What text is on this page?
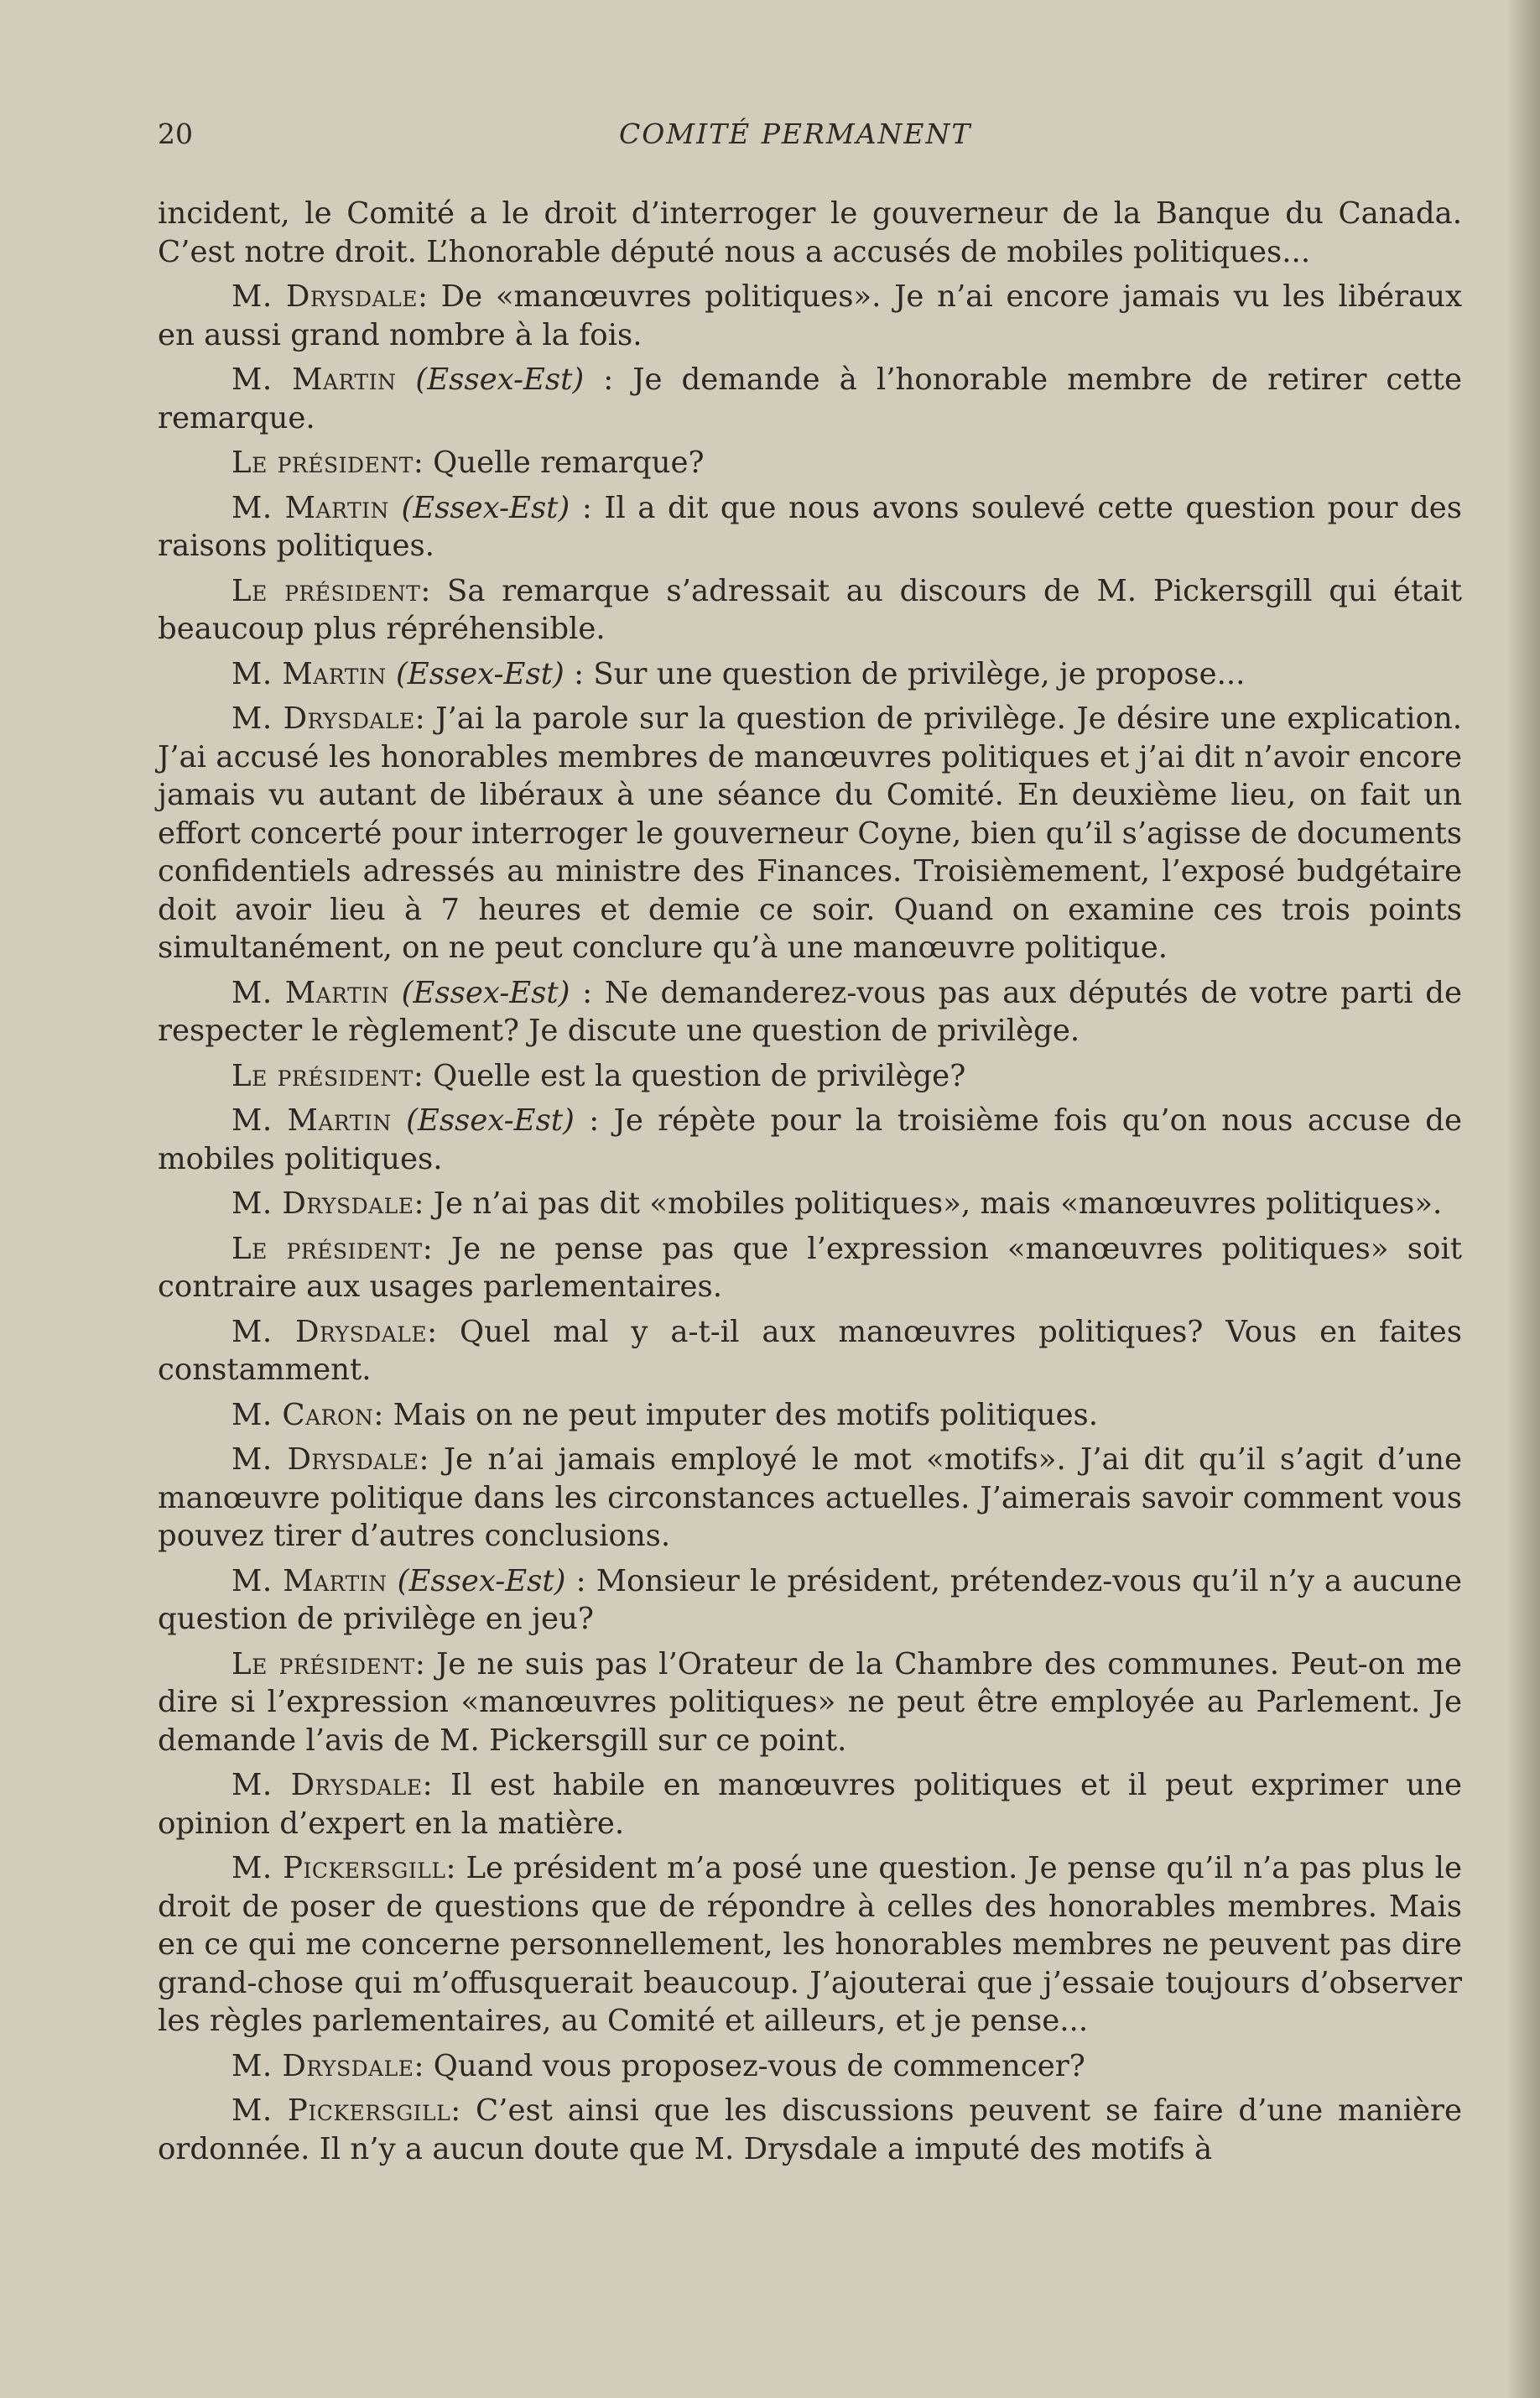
20	COMITÉ PERMANENT

incident, le Comité a le droit d’interroger le gouverneur de la Banque du Canada. C’est notre droit. L’honorable député nous a accusés de mobiles politiques...

M. Drysdale: De «manœuvres politiques». Je n’ai encore jamais vu les libéraux en aussi grand nombre à la fois.

M. Martin (Essex-Est) : Je demande à l’honorable membre de retirer cette remarque.

Le président: Quelle remarque?

M. Martin (Essex-Est) : Il a dit que nous avons soulevé cette question pour des raisons politiques.

Le président: Sa remarque s’adressait au discours de M. Pickersgill qui était beaucoup plus répréhensible.

M. Martin (Essex-Est) : Sur une question de privilège, je propose...

M. Drysdale: J’ai la parole sur la question de privilège. Je désire une explication. J’ai accusé les honorables membres de manœuvres politiques et j’ai dit n’avoir encore jamais vu autant de libéraux à une séance du Comité. En deuxième lieu, on fait un effort concerté pour interroger le gouverneur Coyne, bien qu’il s’agisse de documents confidentiels adressés au ministre des Finances. Troisièmement, l’exposé budgétaire doit avoir lieu à 7 heures et demie ce soir. Quand on examine ces trois points simultanément, on ne peut conclure qu’à une manœuvre politique.

M. Martin (Essex-Est) : Ne demanderez-vous pas aux députés de votre parti de respecter le règlement? Je discute une question de privilège.

Le président: Quelle est la question de privilège?

M. Martin (Essex-Est) : Je répète pour la troisième fois qu’on nous accuse de mobiles politiques.

M. Drysdale: Je n’ai pas dit «mobiles politiques», mais «manœuvres politiques».

Le président: Je ne pense pas que l’expression «manœuvres politiques» soit contraire aux usages parlementaires.

M. Drysdale: Quel mal y a-t-il aux manœuvres politiques? Vous en faites constamment.

M. Caron: Mais on ne peut imputer des motifs politiques.

M. Drysdale: Je n’ai jamais employé le mot «motifs». J’ai dit qu’il s’agit d’une manœuvre politique dans les circonstances actuelles. J’aimerais savoir comment vous pouvez tirer d’autres conclusions.

M. Martin (Essex-Est) : Monsieur le président, prétendez-vous qu’il n’y a aucune question de privilège en jeu?

Le président: Je ne suis pas l’Orateur de la Chambre des communes. Peut-on me dire si l’expression «manœuvres politiques» ne peut être employée au Parlement. Je demande l’avis de M. Pickersgill sur ce point.

M. Drysdale: Il est habile en manœuvres politiques et il peut exprimer une opinion d’expert en la matière.

M. Pickersgill: Le président m’a posé une question. Je pense qu’il n’a pas plus le droit de poser de questions que de répondre à celles des honorables membres. Mais en ce qui me concerne personnellement, les honorables membres ne peuvent pas dire grand-chose qui m’offusquerait beaucoup. J’ajouterai que j’essaie toujours d’observer les règles parlementaires, au Comité et ailleurs, et je pense...

M. Drysdale: Quand vous proposez-vous de commencer?

M. Pickersgill: C’est ainsi que les discussions peuvent se faire d’une manière ordonnée. Il n’y a aucun doute que M. Drysdale a imputé des motifs à
